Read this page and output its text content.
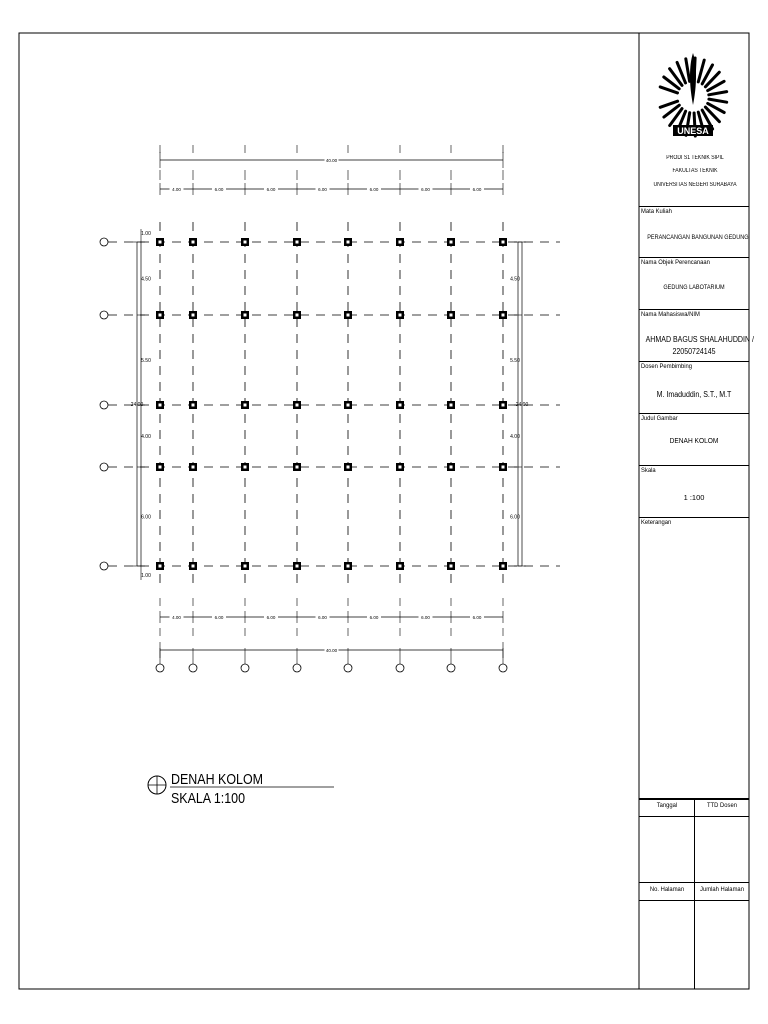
UNESA
40.00
4.00	6.00	6.00	6.00	6.00	6.00	6.00
4.00	6.00	6.00	6.00	6.00	6.00	6.00
40.00
4.50
5.50
4.00
6.00
24.00
4.50
5.50
4.00
6.00
24.00
1.00
1.00
DENAH KOLOM
SKALA 1:100
PRODI S1 TEKNIK SIPIL
FAKULTAS TEKNIK
UNIVERSITAS NEGERI SURABAYA
Mata Kuliah
PERANCANGAN BANGUNAN GEDUNG
Nama Objek Perencanaan
GEDUNG LABOTARIUM
Nama Mahasiswa/NIM
AHMAD BAGUS SHALAHUDDIN /
22050724145
Dosen Pembimbing
M. Imaduddin, S.T., M.T
Judul Gambar
DENAH KOLOM
Skala
1 :100
Keterangan
Tanggal	TTD Dosen
No. Halaman	Jumlah Halaman
